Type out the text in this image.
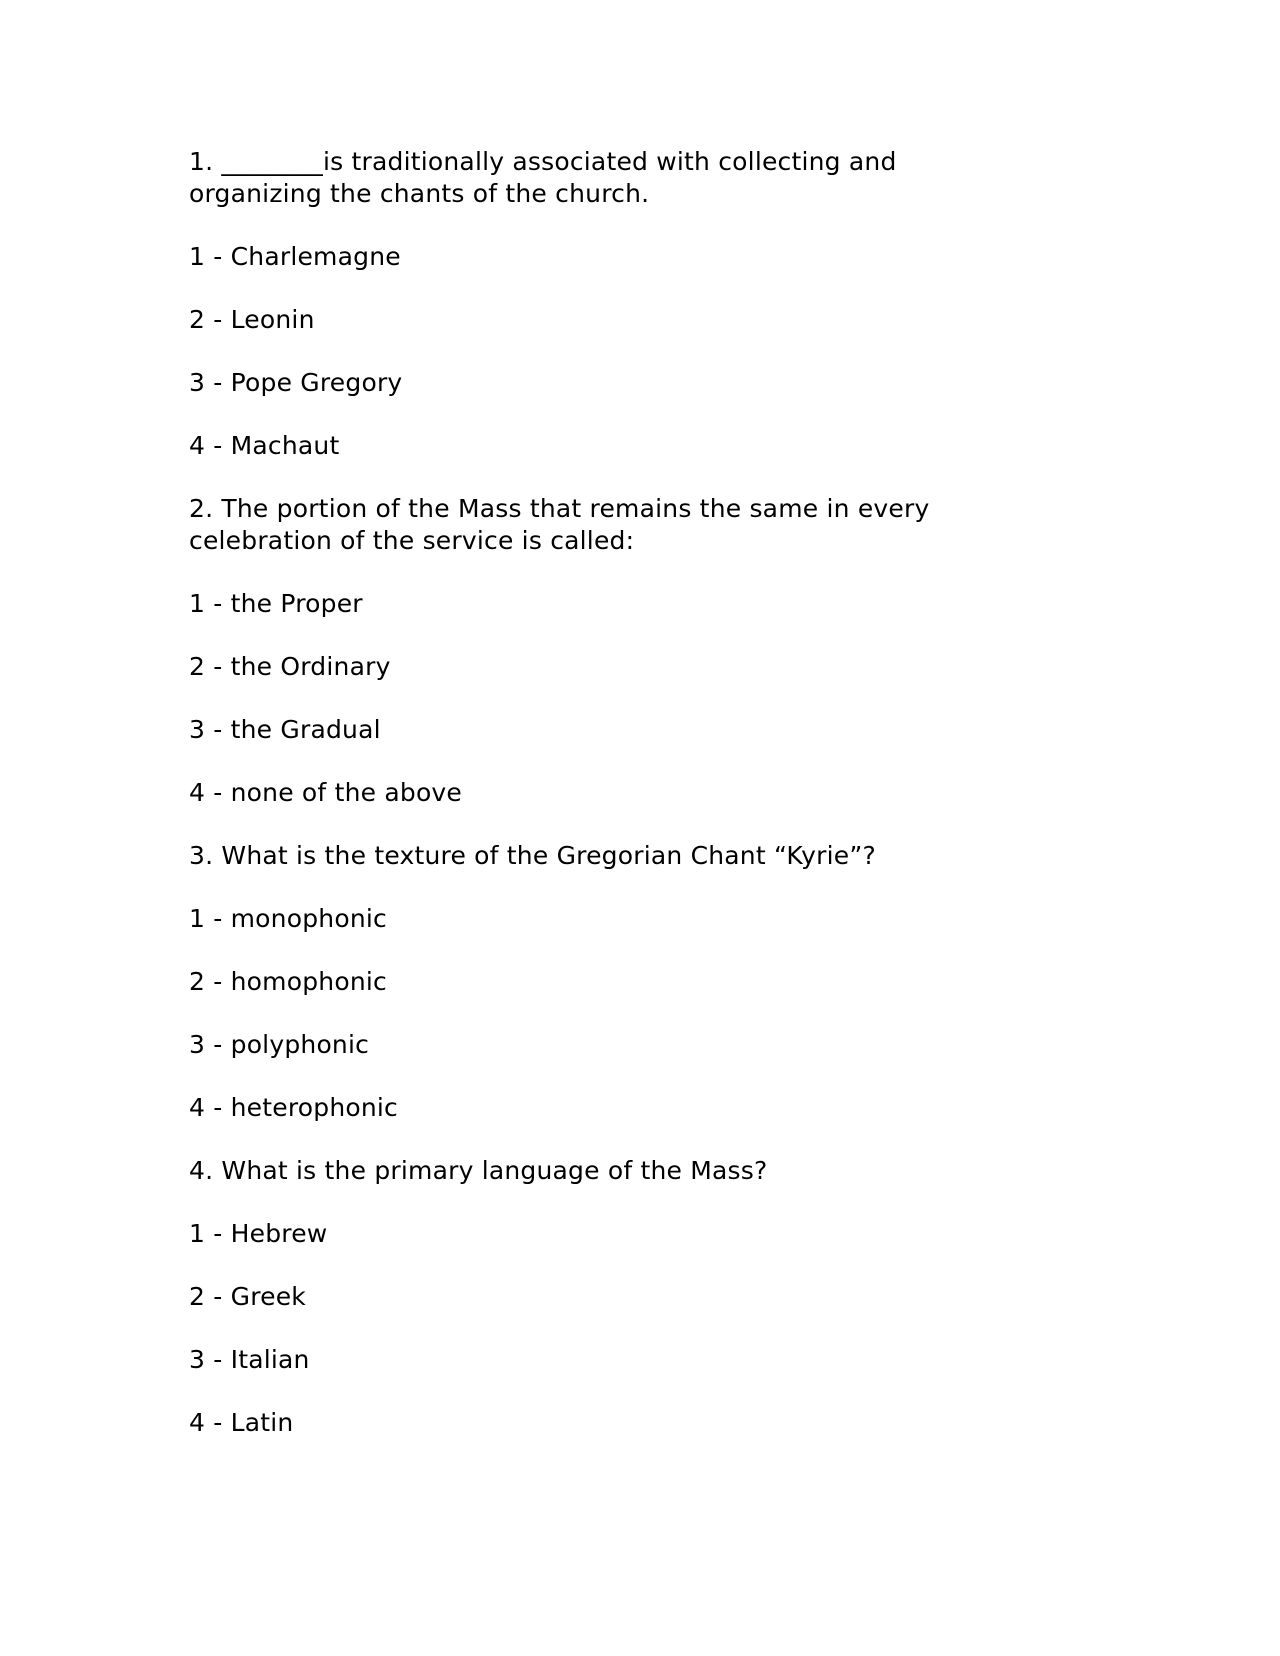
1. ________is traditionally associated with collecting and organizing the chants of the church.
1 - Charlemagne
2 - Leonin
3 - Pope Gregory
4 - Machaut
2. The portion of the Mass that remains the same in every celebration of the service is called:
1 - the Proper
2 - the Ordinary
3 - the Gradual
4 - none of the above
3. What is the texture of the Gregorian Chant “Kyrie”?
1 - monophonic
2 - homophonic
3 - polyphonic
4 - heterophonic
4. What is the primary language of the Mass?
1 - Hebrew
2 - Greek
3 - Italian
4 - Latin
